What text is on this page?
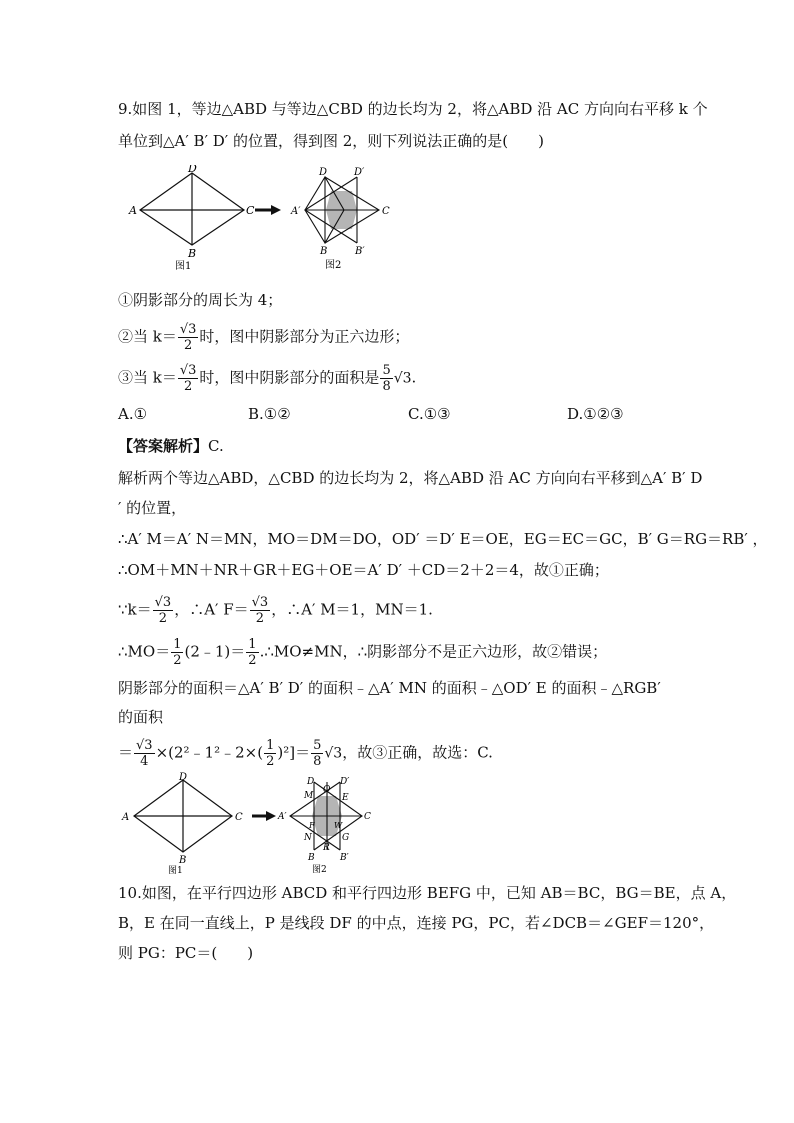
9.如图 1，等边△ABD 与等边△CBD 的边长均为 2，将△ABD 沿 AC 方向向右平移 k 个
单位到△A′ B′ D′ 的位置，得到图 2，则下列说法正确的是(　　)
A
B
C
D
图1
A′
B	B′
C
D	D′
图2
①阴影部分的周长为 4；
②当 $k= \frac{√3}{2}$ 时，图中阴影部分为正六边形；
③当 $k= \frac{√3}{2}$ 时，图中阴影部分的面积是 $\frac{5}{8} √3$.
A.①	B.①②	C.①③	D.①②③
【答案解析】C.
解析两个等边△ABD，△CBD 的边长均为 2，将△ABD 沿 AC 方向向右平移到△A′ B′ D
′ 的位置，
∴A′ M＝A′ N＝MN，MO＝DM＝DO，OD′ ＝D′ E＝OE，EG＝EC＝GC，B′ G＝RG＝RB′ ，
∴OM＋MN＋NR＋GR＋EG＋OE＝A′ D′ ＋CD＝2＋2＝4，故①正确；
∵k＝ $\frac{√3}{2}$ ，∴A′ $F= \frac{√3}{2}$ ，∴A′ M＝1，MN＝1.
∴MO＝ $\frac{1}{2}$ (2﹣1)＝ $\frac{1}{2}$ .∴MO≠MN，∴阴影部分不是正六边形，故②错误；
阴影部分的面积＝△A′ B′ D′ 的面积﹣△A′ MN 的面积﹣△OD′ E 的面积﹣△RGB′
的面积
＝ $\frac{√3}{4}$ ×(2²﹣1²﹣2×( $\frac{1}{2} )^2]= \frac{5}{8} √3$，故③正确，故选：C.
A
B
C
D
图1
A′
B	B′
C
D	D′
M
O
E
F W
N
R
G
图2
10.如图，在平行四边形 ABCD 和平行四边形 BEFG 中，已知 AB＝BC，BG＝BE，点 A，
B，E 在同一直线上，P 是线段 DF 的中点，连接 PG，PC，若∠DCB＝∠GEF＝120°，
则 PG：PC＝(　　)
